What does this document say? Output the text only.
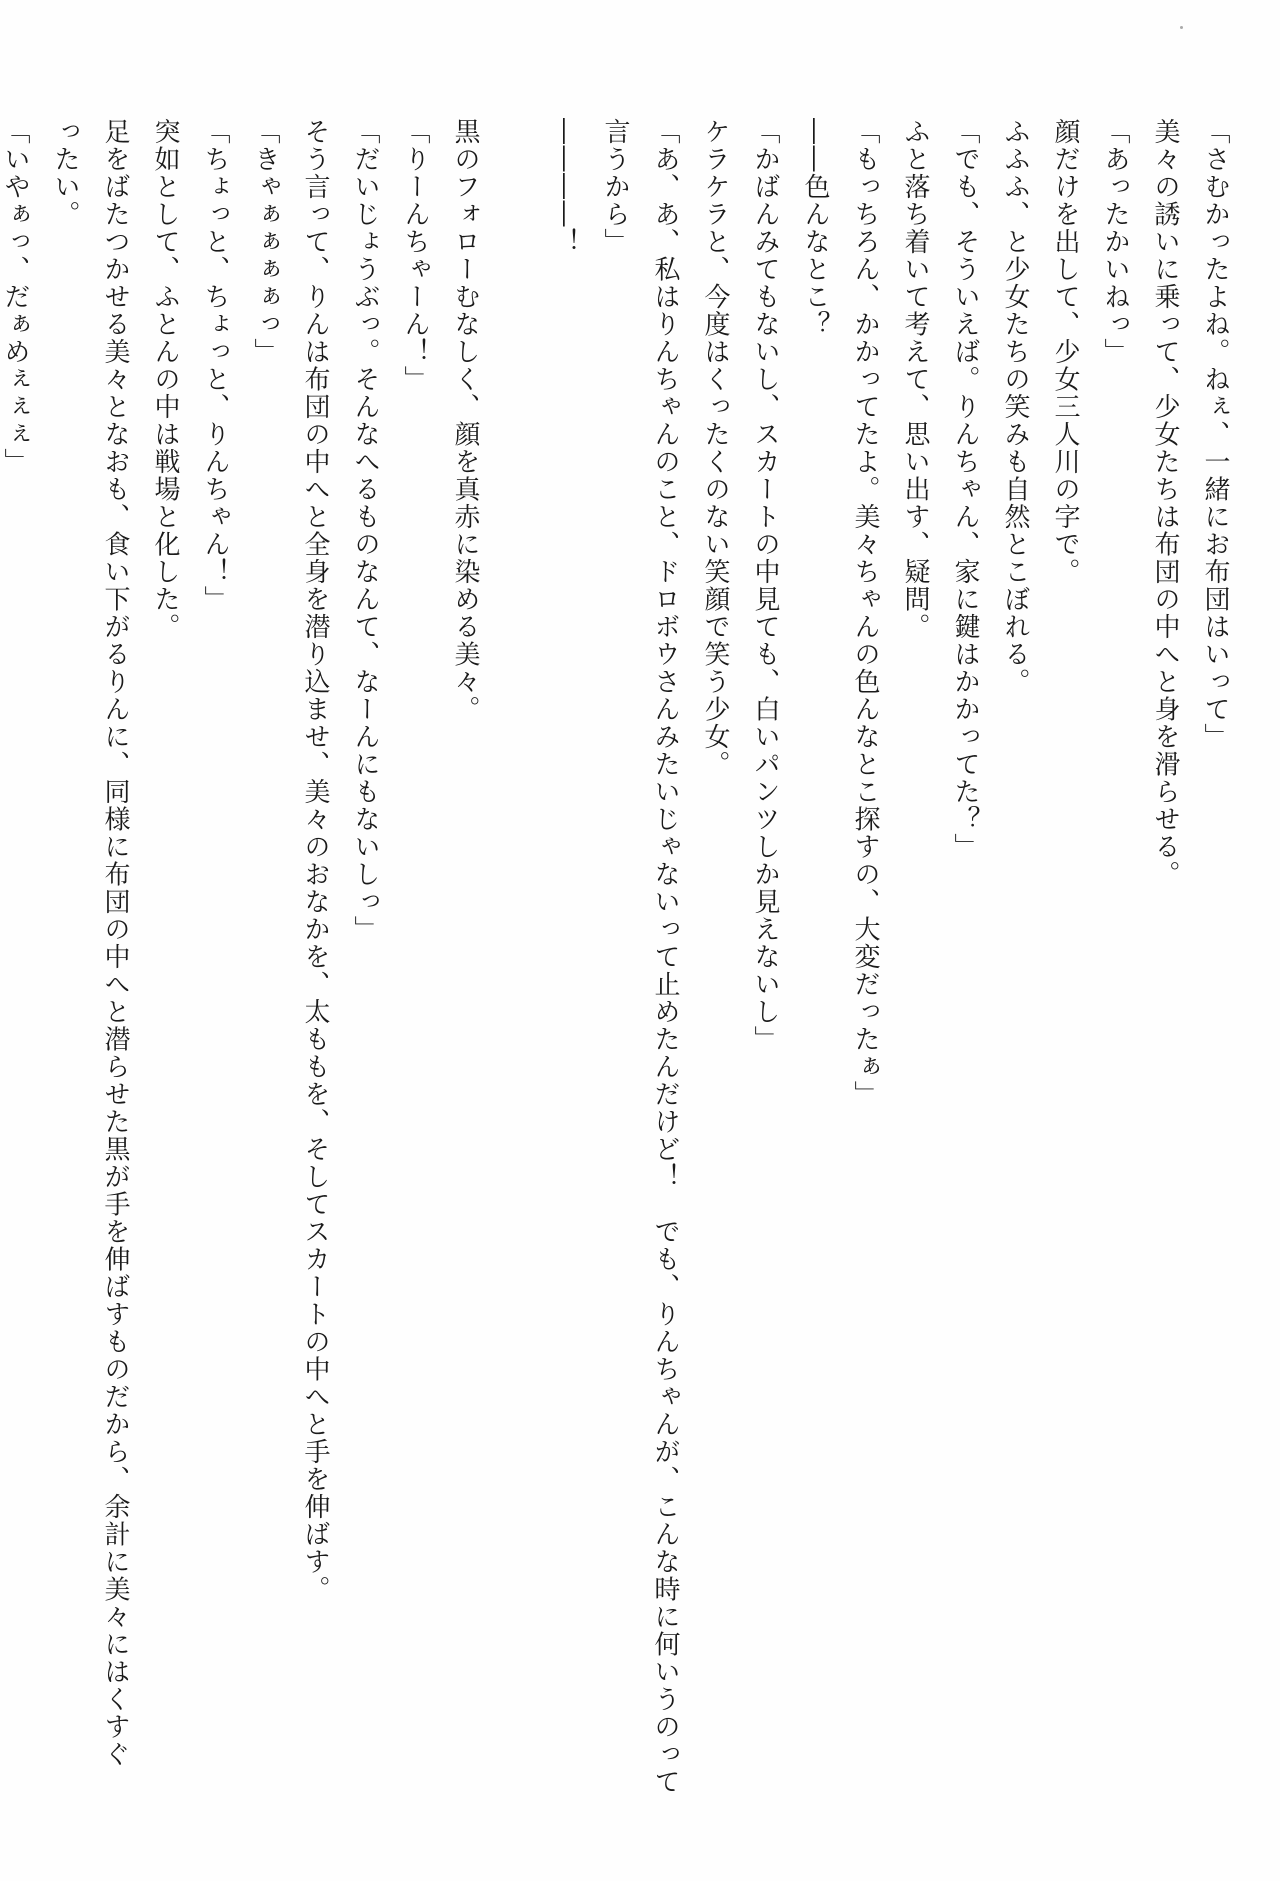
「さむかったよね。ねぇ、一緒にお布団はいって」
美々の誘いに乗って、少女たちは布団の中へと身を滑らせる。
「あったかいねっ」
顔だけを出して、少女三人川の字で。
ふふふ、と少女たちの笑みも自然とこぼれる。
「でも、そういえば。りんちゃん、家に鍵はかかってた？」
ふと落ち着いて考えて、思い出す、疑問。
「もっちろん、かかってたよ。美々ちゃんの色んなとこ探すの、大変だったぁ」
――色んなとこ？
「かばんみてもないし、スカートの中見ても、白いパンツしか見えないし」
ケラケラと、今度はくったくのない笑顔で笑う少女。
「あ、あ、私はりんちゃんのこと、ドロボウさんみたいじゃないって止めたんだけど！　でも、りんちゃんが、こんな時に何いうのって
言うから」
――――！

黒のフォローむなしく、顔を真赤に染める美々。
「りーんちゃーん！」
「だいじょうぶっ。そんなへるものなんて、なーんにもないしっ」
そう言って、りんは布団の中へと全身を潜り込ませ、美々のおなかを、太ももを、そしてスカートの中へと手を伸ばす。
「きゃぁぁぁぁっ」
「ちょっと、ちょっと、りんちゃん！」
突如として、ふとんの中は戦場と化した。
足をばたつかせる美々となおも、食い下がるりんに、同様に布団の中へと潜らせた黒が手を伸ばすものだから、余計に美々にはくすぐ
ったい。
「いやぁっ、だぁめぇぇぇ」
